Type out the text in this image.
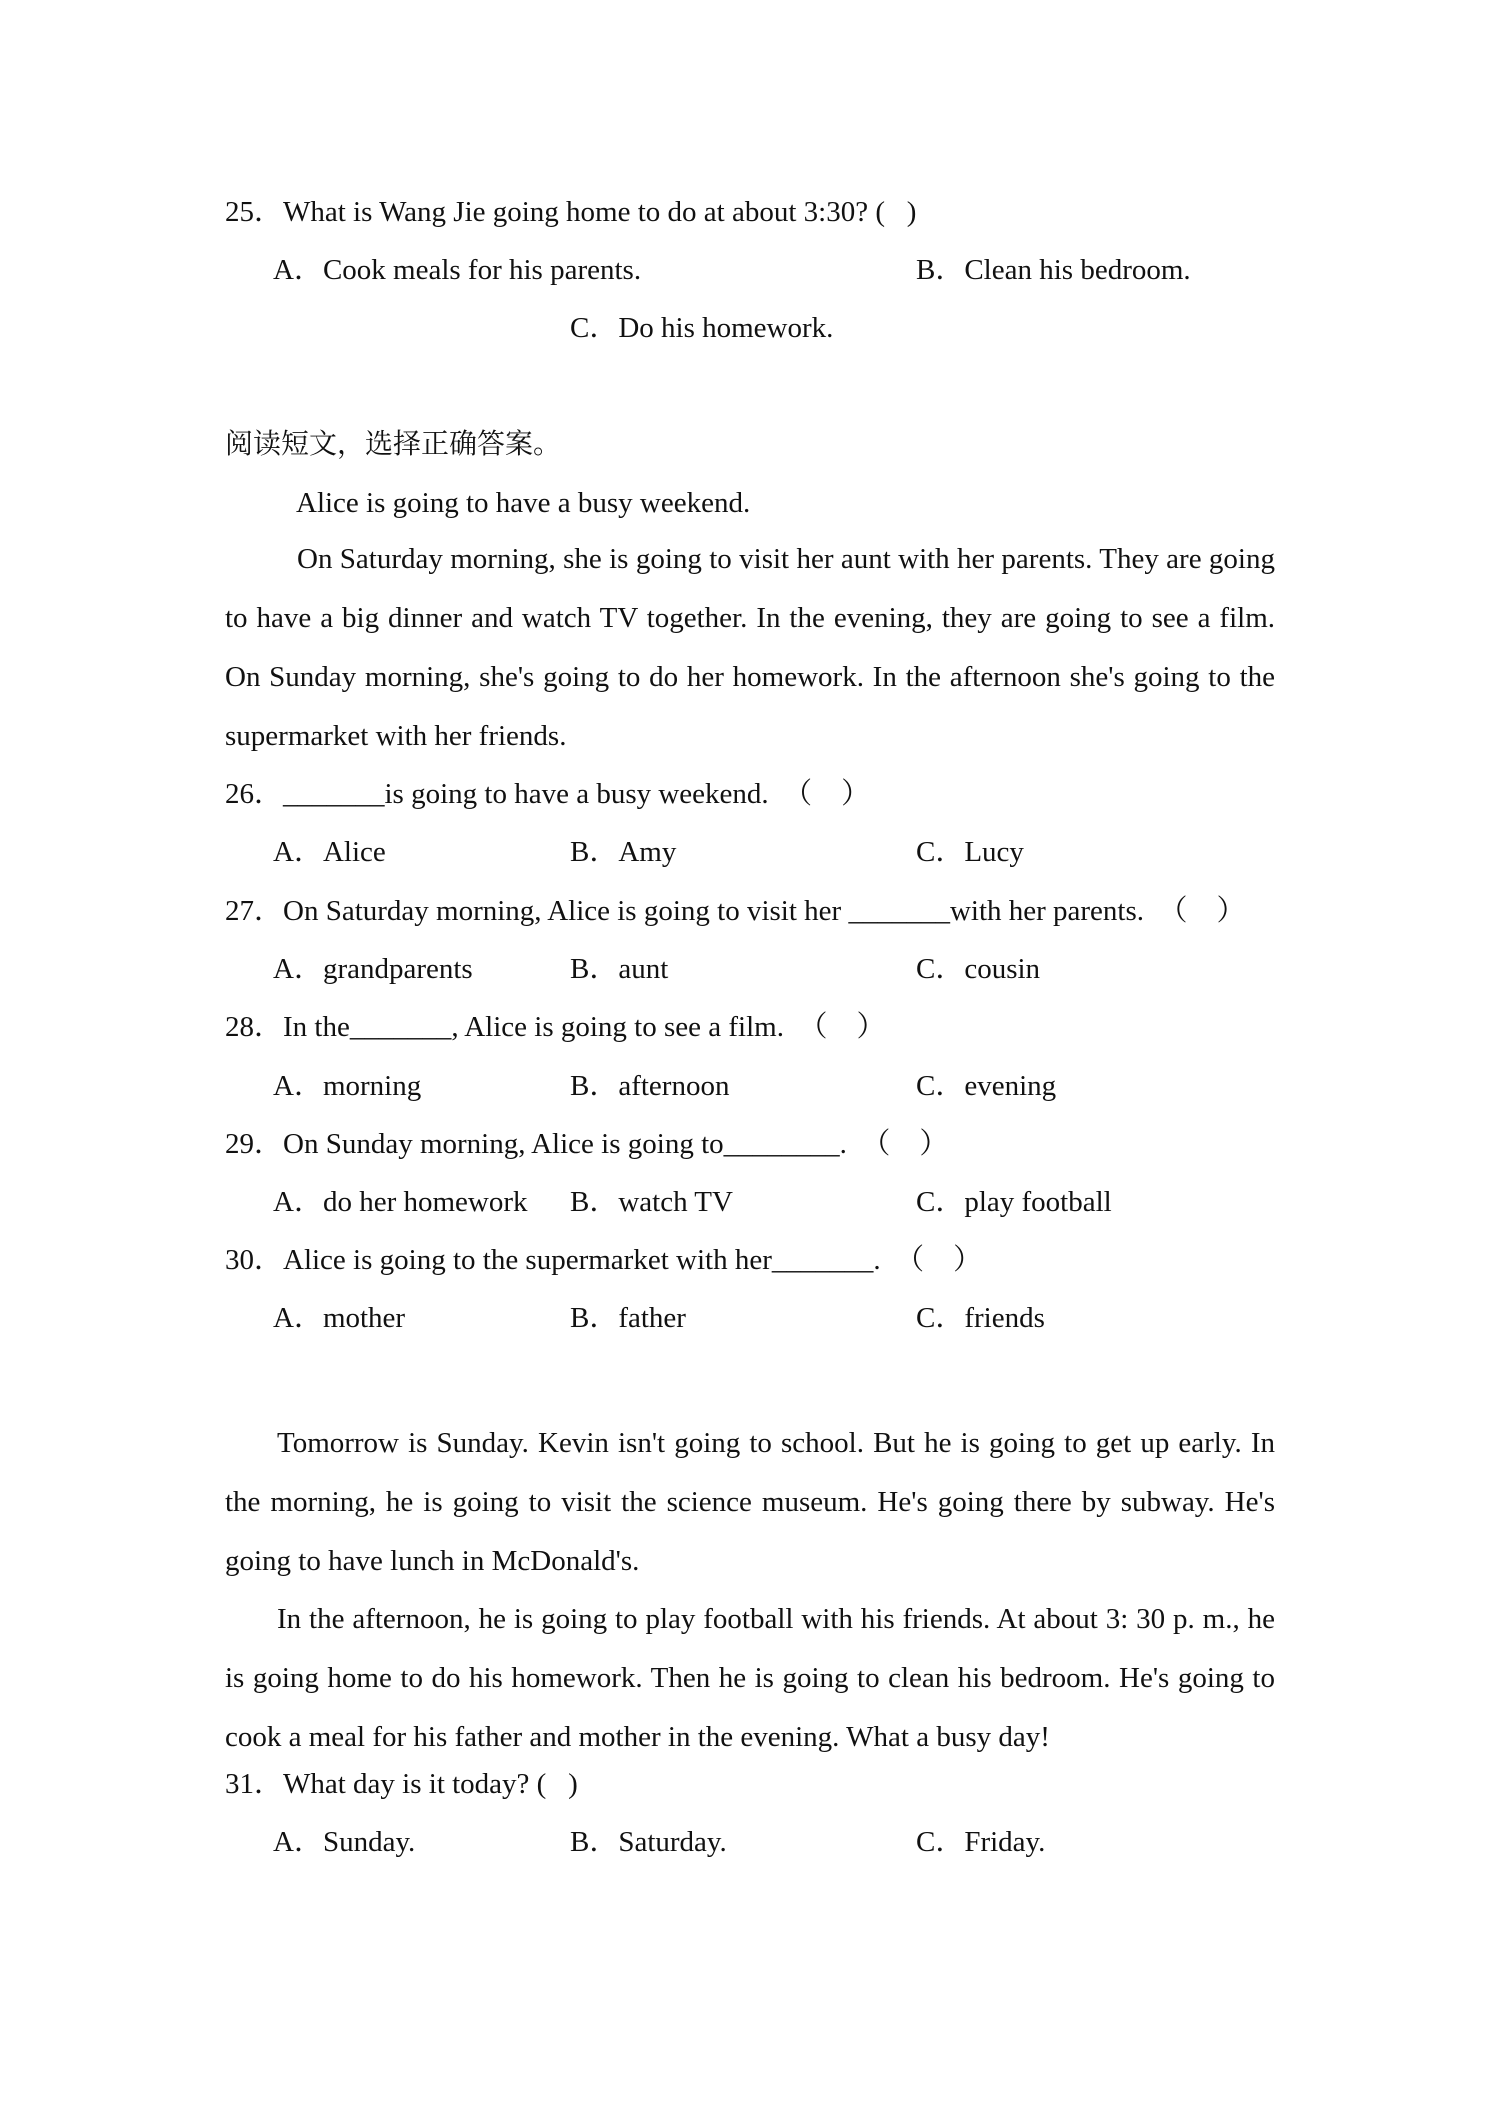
25．What is Wang Jie going home to do at about 3:30? (   )
A．Cook meals for his parents.	B．Clean his bedroom.
C．Do his homework.
阅读短文，选择正确答案。
Alice is going to have a busy weekend.
On Saturday morning, she is going to visit her aunt with her parents. They are going to have a big dinner and watch TV together. In the evening, they are going to see a film. On Sunday morning, she's going to do her homework. In the afternoon she's going to the supermarket with her friends.
26．_______is going to have a busy weekend.  （    ）
A．Alice	B．Amy	C．Lucy
27．On Saturday morning, Alice is going to visit her _______with her parents.  （    ）
A．grandparents	B．aunt	C．cousin
28．In the_______, Alice is going to see a film.  （    ）
A．morning	B．afternoon	C．evening
29．On Sunday morning, Alice is going to________.  （    ）
A．do her homework B．watch TV	C．play football
30．Alice is going to the supermarket with her_______.  （    ）
A．mother	B．father	C．friends
Tomorrow is Sunday. Kevin isn't going to school. But he is going to get up early. In the morning, he is going to visit the science museum. He's going there by subway. He's going to have lunch in McDonald's.
In the afternoon, he is going to play football with his friends. At about 3: 30 p. m., he is going home to do his homework. Then he is going to clean his bedroom. He's going to cook a meal for his father and mother in the evening. What a busy day!
31．What day is it today? (   )
A．Sunday.	B．Saturday.	C．Friday.
